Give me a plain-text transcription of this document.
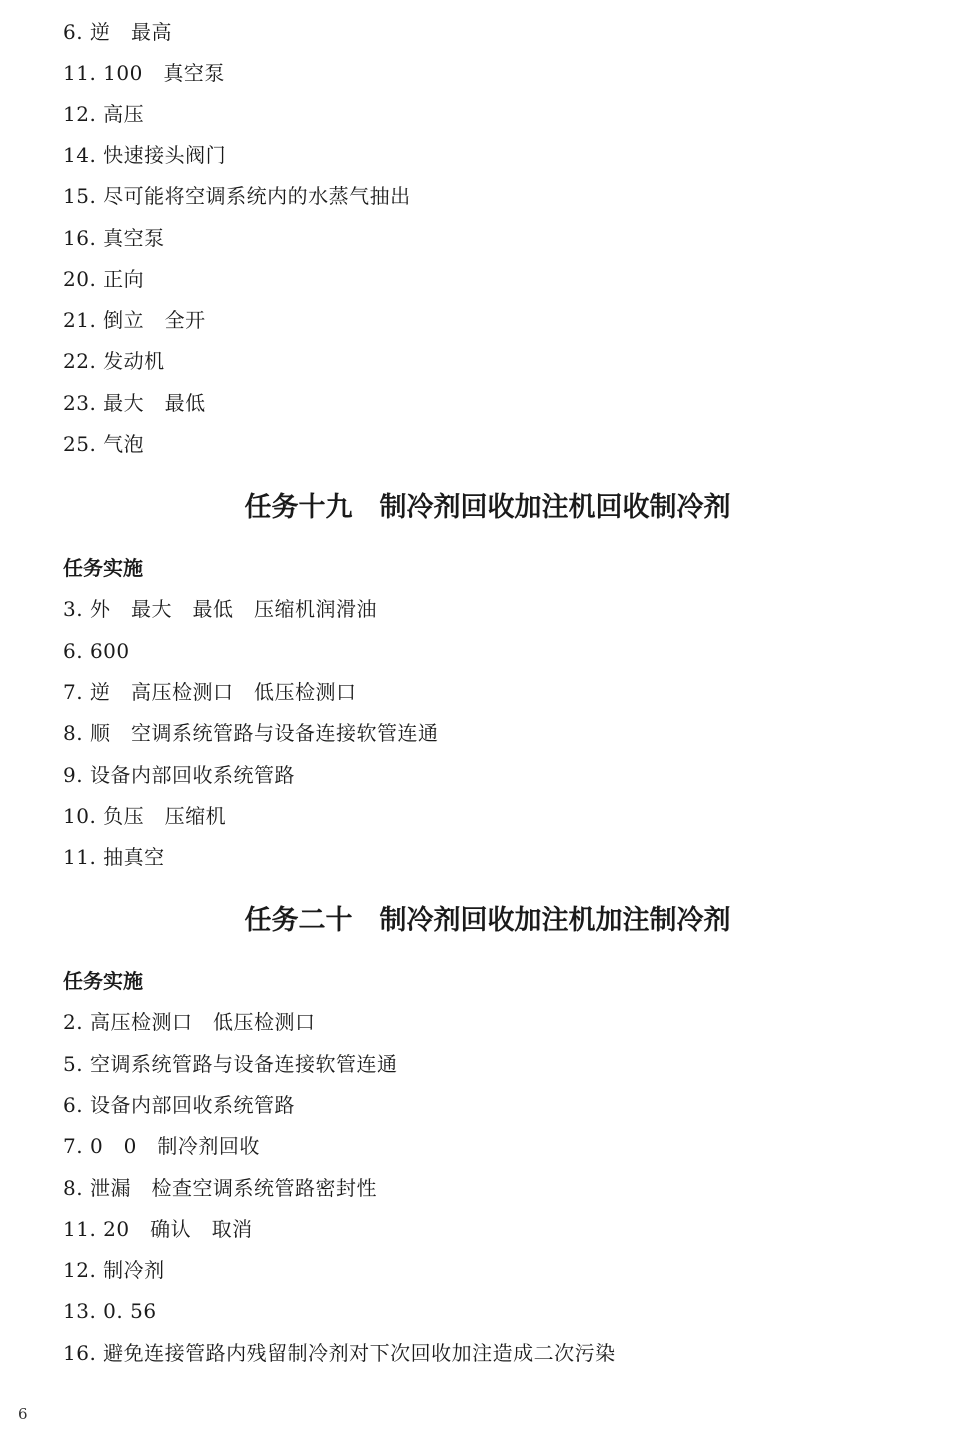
6. 逆　最高
11. 100　真空泵
12. 高压
14. 快速接头阀门
15. 尽可能将空调系统内的水蒸气抽出
16. 真空泵
20. 正向
21. 倒立　全开
22. 发动机
23. 最大　最低
25. 气泡
任务十九　制冷剂回收加注机回收制冷剂
任务实施
3. 外　最大　最低　压缩机润滑油
6. 600
7. 逆　高压检测口　低压检测口
8. 顺　空调系统管路与设备连接软管连通
9. 设备内部回收系统管路
10. 负压　压缩机
11. 抽真空
任务二十　制冷剂回收加注机加注制冷剂
任务实施
2. 高压检测口　低压检测口
5. 空调系统管路与设备连接软管连通
6. 设备内部回收系统管路
7. 0　0　制冷剂回收
8. 泄漏　检查空调系统管路密封性
11. 20　确认　取消
12. 制冷剂
13. 0. 56
16. 避免连接管路内残留制冷剂对下次回收加注造成二次污染
6
